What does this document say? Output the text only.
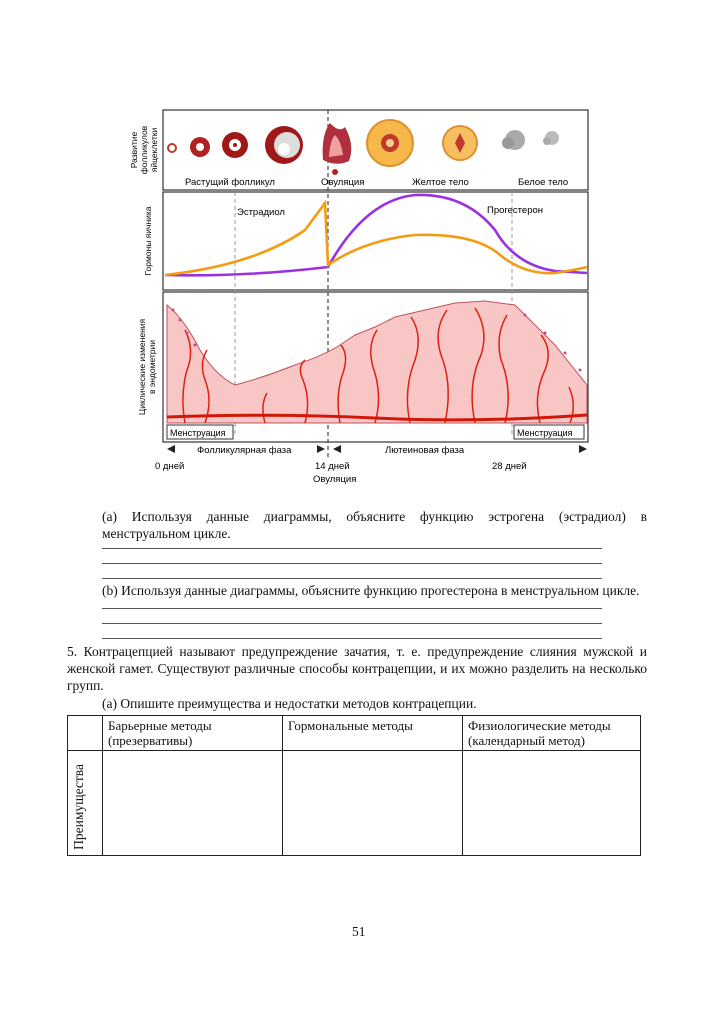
Растущий фолликул	Овуляция	Желтое тело	Белое тело
Эстрадиол	Прогестерон
Менструация	Менструация
Фолликулярная фаза	Лютеиновая фаза
0 дней	14 дней	28 дней
Овуляция
Развитие фолликулов яйцеклетки
Гормоны яичника
Циклические изменения в эндометрии
(а) Используя данные диаграммы, объясните функцию эстрогена (эстрадиол) в менструальном цикле.
(b) Используя данные диаграммы, объясните функцию прогестерона в менструальном цикле.
5. Контрацепцией называют предупреждение зачатия, т. е. предупреждение слияния мужской и женской гамет. Существуют различные способы контрацепции, и их можно разделить на несколько групп.
(а) Опишите преимущества и недостатки методов контрацепции.
	Барьерные методы (презервативы)	Гормональные методы	Физиологические методы (календарный метод)
Преимущества			
51
